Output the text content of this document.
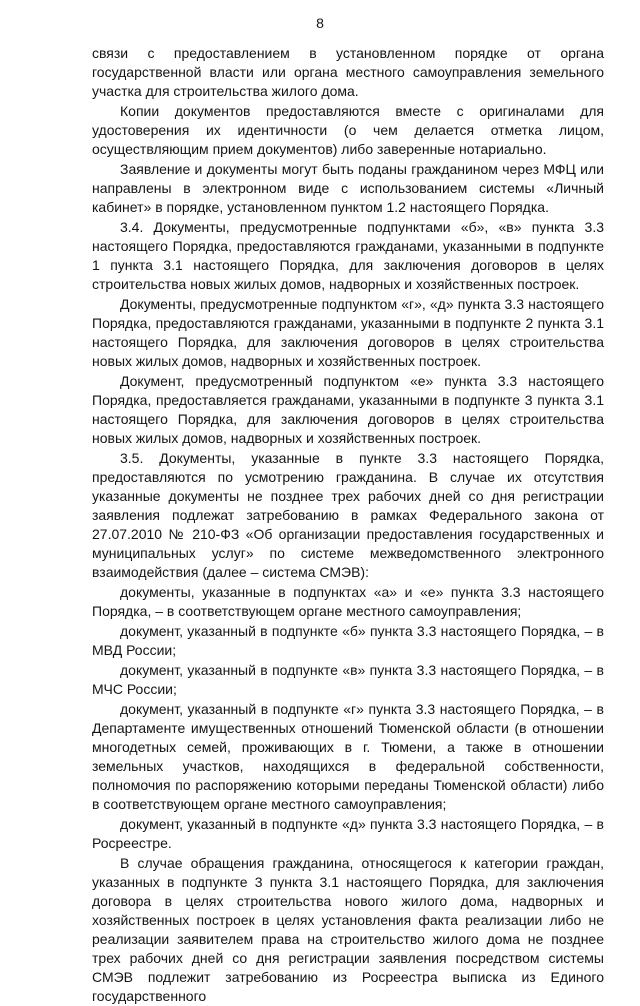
8

связи с предоставлением в установленном порядке от органа государственной власти или органа местного самоуправления земельного участка для строительства жилого дома.

Копии документов предоставляются вместе с оригиналами для удостоверения их идентичности (о чем делается отметка лицом, осуществляющим прием документов) либо заверенные нотариально.

Заявление и документы могут быть поданы гражданином через МФЦ или направлены в электронном виде с использованием системы «Личный кабинет» в порядке, установленном пунктом 1.2 настоящего Порядка.

3.4. Документы, предусмотренные подпунктами «б», «в» пункта 3.3 настоящего Порядка, предоставляются гражданами, указанными в подпункте 1 пункта 3.1 настоящего Порядка, для заключения договоров в целях строительства новых жилых домов, надворных и хозяйственных построек.

Документы, предусмотренные подпунктом «г», «д» пункта 3.3 настоящего Порядка, предоставляются гражданами, указанными в подпункте 2 пункта 3.1 настоящего Порядка, для заключения договоров в целях строительства новых жилых домов, надворных и хозяйственных построек.

Документ, предусмотренный подпунктом «е» пункта 3.3 настоящего Порядка, предоставляется гражданами, указанными в подпункте 3 пункта 3.1 настоящего Порядка, для заключения договоров в целях строительства новых жилых домов, надворных и хозяйственных построек.

3.5. Документы, указанные в пункте 3.3 настоящего Порядка, предоставляются по усмотрению гражданина. В случае их отсутствия указанные документы не позднее трех рабочих дней со дня регистрации заявления подлежат затребованию в рамках Федерального закона от 27.07.2010 № 210-ФЗ «Об организации предоставления государственных и муниципальных услуг» по системе межведомственного электронного взаимодействия (далее – система СМЭВ):

документы, указанные в подпунктах «а» и «е» пункта 3.3 настоящего Порядка, – в соответствующем органе местного самоуправления;

документ, указанный в подпункте «б» пункта 3.3 настоящего Порядка, – в МВД России;

документ, указанный в подпункте «в» пункта 3.3 настоящего Порядка, – в МЧС России;

документ, указанный в подпункте «г» пункта 3.3 настоящего Порядка, – в Департаменте имущественных отношений Тюменской области (в отношении многодетных семей, проживающих в г. Тюмени, а также в отношении земельных участков, находящихся в федеральной собственности, полномочия по распоряжению которыми переданы Тюменской области) либо в соответствующем органе местного самоуправления;

документ, указанный в подпункте «д» пункта 3.3 настоящего Порядка, – в Росреестре.

В случае обращения гражданина, относящегося к категории граждан, указанных в подпункте 3 пункта 3.1 настоящего Порядка, для заключения договора в целях строительства нового жилого дома, надворных и хозяйственных построек в целях установления факта реализации либо не реализации заявителем права на строительство жилого дома не позднее трех рабочих дней со дня регистрации заявления посредством системы СМЭВ подлежит затребованию из Росреестра выписка из Единого государственного
